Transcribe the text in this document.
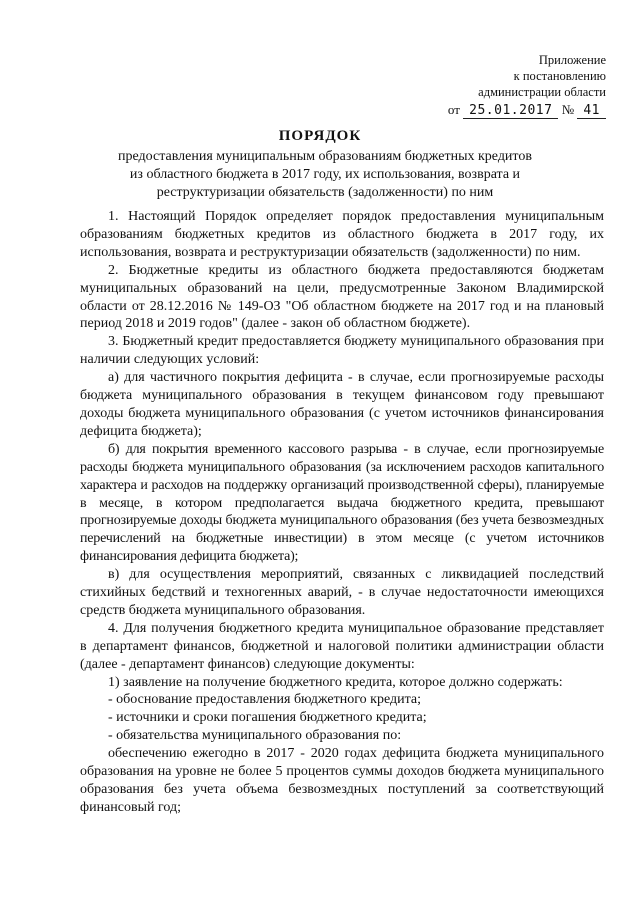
Приложение
к постановлению
администрации области
от 25.01.2017 № 41
ПОРЯДОК
предоставления муниципальным образованиям бюджетных кредитов
из областного бюджета в 2017 году, их использования, возврата и
реструктуризации обязательств (задолженности) по ним

1. Настоящий Порядок определяет порядок предоставления муниципальным образованиям бюджетных кредитов из областного бюджета в 2017 году, их использования, возврата и реструктуризации обязательств (задолженности) по ним.

2. Бюджетные кредиты из областного бюджета предоставляются бюджетам муниципальных образований на цели, предусмотренные Законом Владимирской области от 28.12.2016 № 149-ОЗ "Об областном бюджете на 2017 год и на плановый период 2018 и 2019 годов" (далее - закон об областном бюджете).

3. Бюджетный кредит предоставляется бюджету муниципального образования при наличии следующих условий:

а) для частичного покрытия дефицита - в случае, если прогнозируемые расходы бюджета муниципального образования в текущем финансовом году превышают доходы бюджета муниципального образования (с учетом источников финансирования дефицита бюджета);

б) для покрытия временного кассового разрыва - в случае, если прогнозируемые расходы бюджета муниципального образования (за исключением расходов капитального характера и расходов на поддержку организаций производственной сферы), планируемые в месяце, в котором предполагается выдача бюджетного кредита, превышают прогнозируемые доходы бюджета муниципального образования (без учета безвозмездных перечислений на бюджетные инвестиции) в этом месяце (с учетом источников финансирования дефицита бюджета);

в) для осуществления мероприятий, связанных с ликвидацией последствий стихийных бедствий и техногенных аварий, - в случае недостаточности имеющихся средств бюджета муниципального образования.

4. Для получения бюджетного кредита муниципальное образование представляет в департамент финансов, бюджетной и налоговой политики администрации области (далее - департамент финансов) следующие документы:

1) заявление на получение бюджетного кредита, которое должно содержать:

- обоснование предоставления бюджетного кредита;

- источники и сроки погашения бюджетного кредита;

- обязательства муниципального образования по:

обеспечению ежегодно в 2017 - 2020 годах дефицита бюджета муниципального образования на уровне не более 5 процентов суммы доходов бюджета муниципального образования без учета объема безвозмездных поступлений за соответствующий финансовый год;
